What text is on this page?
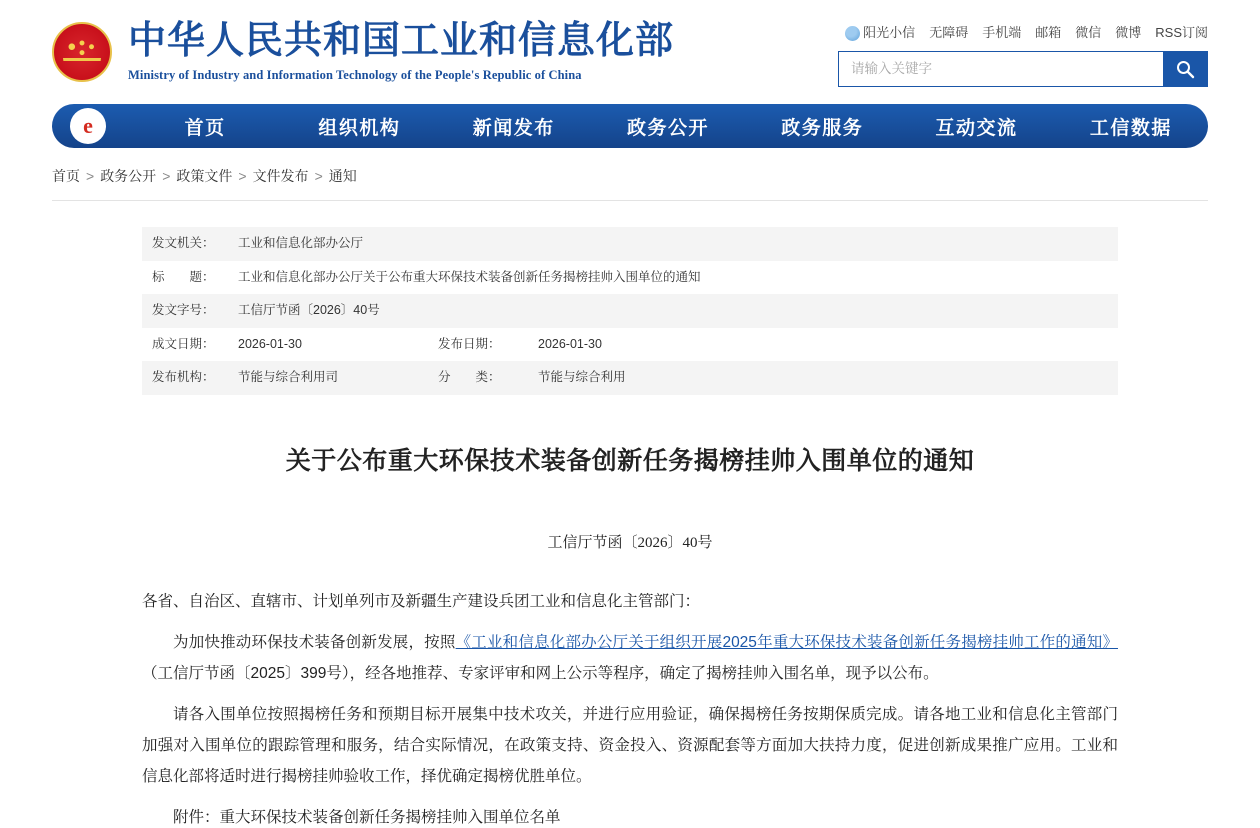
中华人民共和国工业和信息化部
Ministry of Industry and Information Technology of the People's Republic of China
阳光小信 无障碍 手机端 邮箱 微信 微博 RSS订阅
请输入关键字
e	首页	组织机构	新闻发布	政务公开	政务服务	互动交流	工信数据
首页 > 政务公开 > 政策文件 > 文件发布 > 通知
发文机关：	工业和信息化部办公厅		
标　　题：	工业和信息化部办公厅关于公布重大环保技术装备创新任务揭榜挂帅入围单位的通知		
发文字号：	工信厅节函〔2026〕40号		
成文日期：	2026-01-30	发布日期：	2026-01-30
发布机构：	节能与综合利用司	分　　类：	节能与综合利用
关于公布重大环保技术装备创新任务揭榜挂帅入围单位的通知
工信厅节函〔2026〕40号

各省、自治区、直辖市、计划单列市及新疆生产建设兵团工业和信息化主管部门：

为加快推动环保技术装备创新发展，按照《工业和信息化部办公厅关于组织开展2025年重大环保技术装备创新任务揭榜挂帅工作的通知》（工信厅节函〔2025〕399号），经各地推荐、专家评审和网上公示等程序，确定了揭榜挂帅入围名单，现予以公布。

请各入围单位按照揭榜任务和预期目标开展集中技术攻关，并进行应用验证，确保揭榜任务按期保质完成。请各地工业和信息化主管部门加强对入围单位的跟踪管理和服务，结合实际情况，在政策支持、资金投入、资源配套等方面加大扶持力度，促进创新成果推广应用。工业和信息化部将适时进行揭榜挂帅验收工作，择优确定揭榜优胜单位。

附件：重大环保技术装备创新任务揭榜挂帅入围单位名单
